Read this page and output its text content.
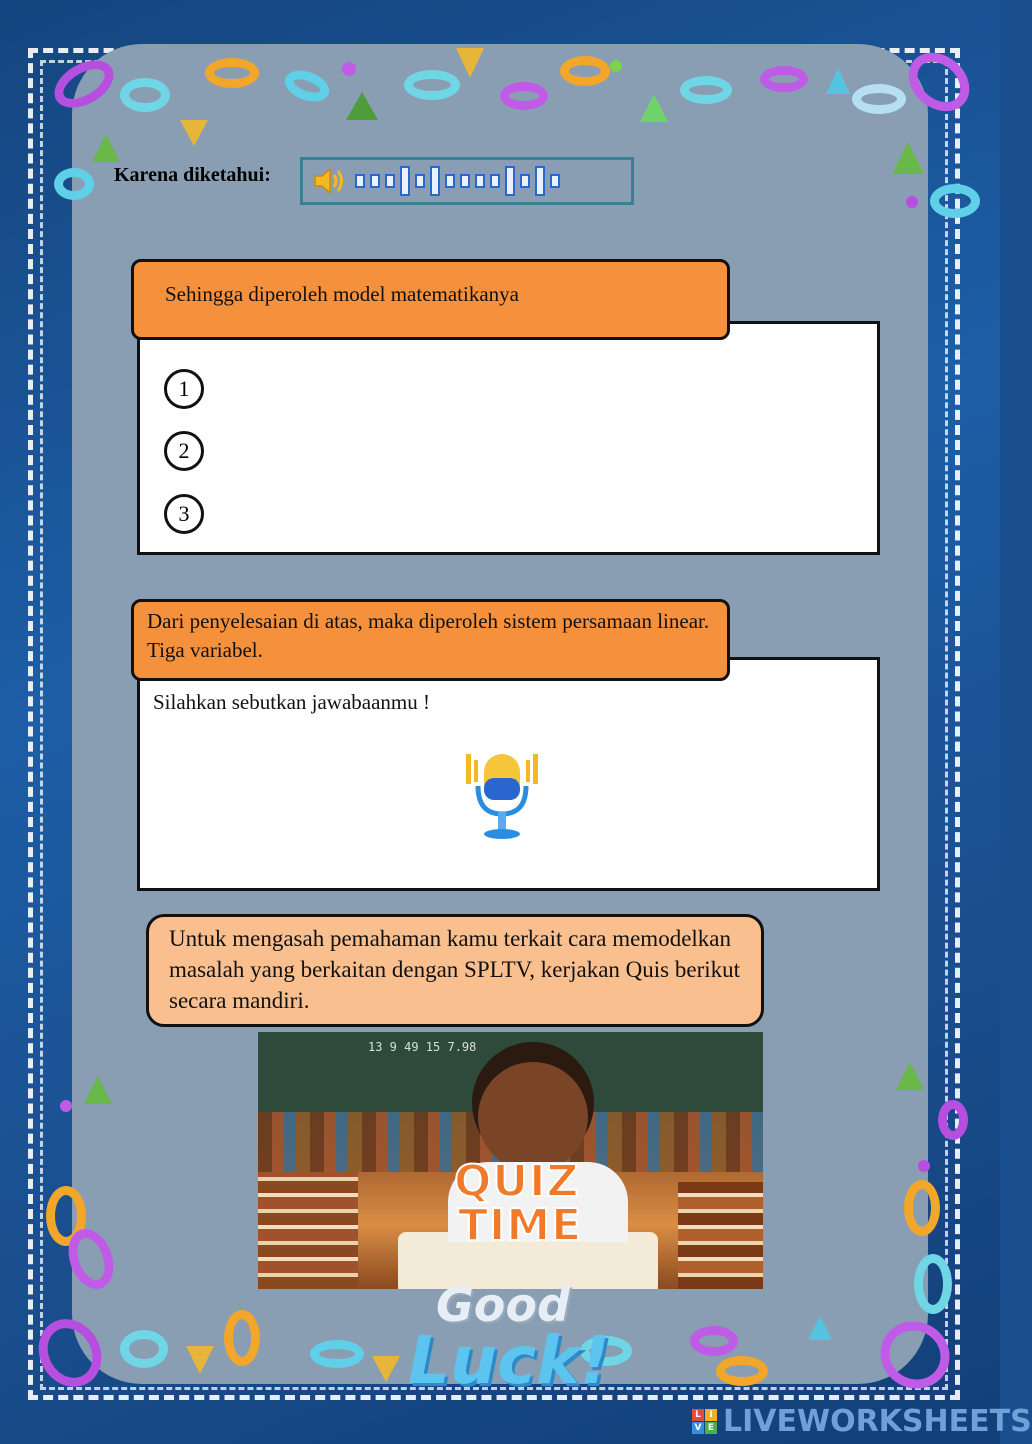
Karena diketahui:
1
2
3
Sehingga diperoleh model matematikanya
Silahkan sebutkan jawabaanmu !
Dari penyelesaian di atas, maka diperoleh sistem persamaan linear. Tiga variabel.
Untuk mengasah pemahaman kamu terkait cara memodelkan masalah yang berkaitan dengan SPLTV, kerjakan Quis berikut secara mandiri.
13 9 49 15 7.98
QUIZ
TIME
Good
Luck!
L I
V E LIVEWORKSHEETS
